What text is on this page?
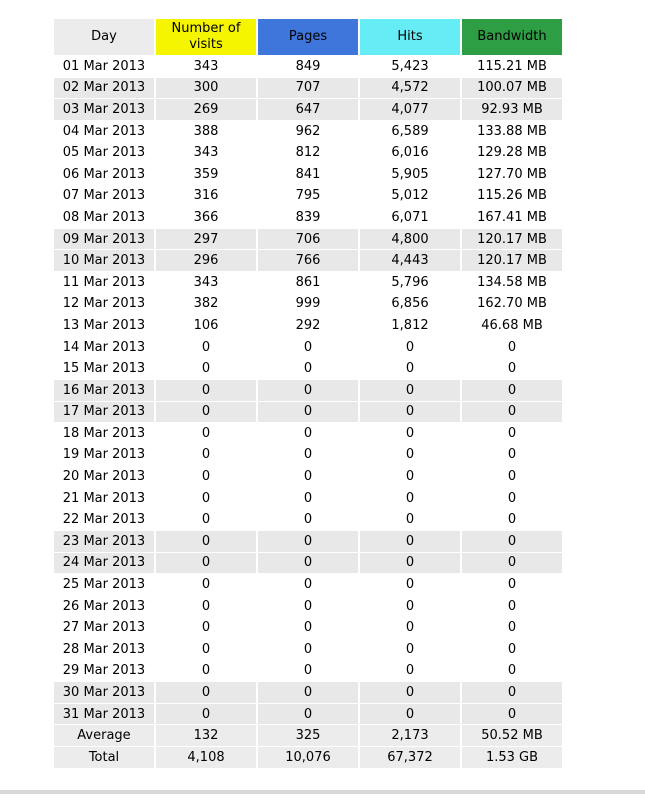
Day	Number of visits	Pages	Hits	Bandwidth
01 Mar 2013	343	849	5,423	115.21 MB
02 Mar 2013	300	707	4,572	100.07 MB
03 Mar 2013	269	647	4,077	92.93 MB
04 Mar 2013	388	962	6,589	133.88 MB
05 Mar 2013	343	812	6,016	129.28 MB
06 Mar 2013	359	841	5,905	127.70 MB
07 Mar 2013	316	795	5,012	115.26 MB
08 Mar 2013	366	839	6,071	167.41 MB
09 Mar 2013	297	706	4,800	120.17 MB
10 Mar 2013	296	766	4,443	120.17 MB
11 Mar 2013	343	861	5,796	134.58 MB
12 Mar 2013	382	999	6,856	162.70 MB
13 Mar 2013	106	292	1,812	46.68 MB
14 Mar 2013	0	0	0	0
15 Mar 2013	0	0	0	0
16 Mar 2013	0	0	0	0
17 Mar 2013	0	0	0	0
18 Mar 2013	0	0	0	0
19 Mar 2013	0	0	0	0
20 Mar 2013	0	0	0	0
21 Mar 2013	0	0	0	0
22 Mar 2013	0	0	0	0
23 Mar 2013	0	0	0	0
24 Mar 2013	0	0	0	0
25 Mar 2013	0	0	0	0
26 Mar 2013	0	0	0	0
27 Mar 2013	0	0	0	0
28 Mar 2013	0	0	0	0
29 Mar 2013	0	0	0	0
30 Mar 2013	0	0	0	0
31 Mar 2013	0	0	0	0
Average	132	325	2,173	50.52 MB
Total	4,108	10,076	67,372	1.53 GB
